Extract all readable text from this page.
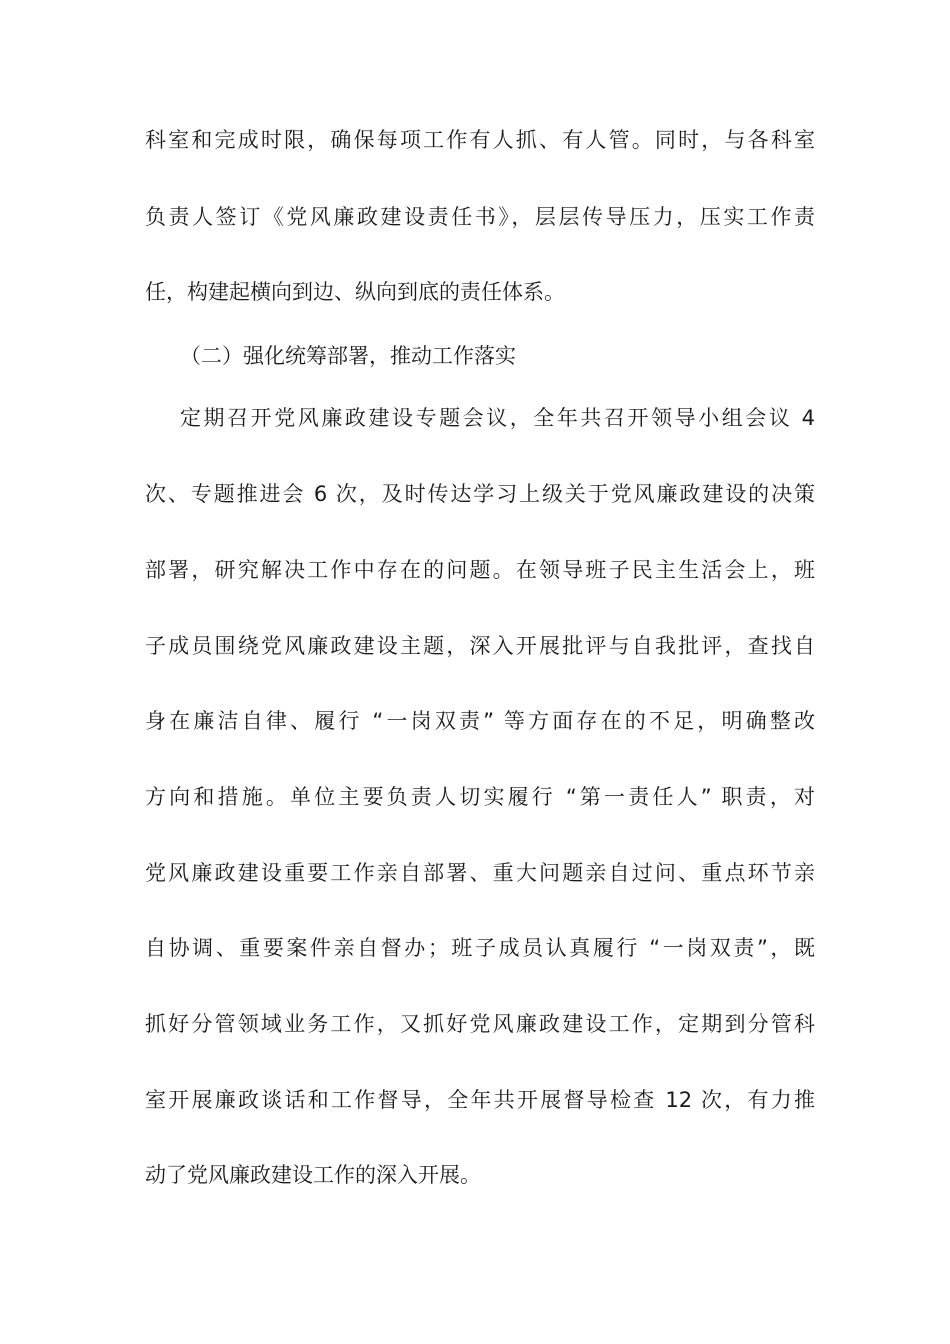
科室和完成时限，确保每项工作有人抓、有人管。同时，与各科室
负责人签订《党风廉政建设责任书》，层层传导压力，压实工作责
任，构建起横向到边、纵向到底的责任体系。
（二）强化统筹部署，推动工作落实
定期召开党风廉政建设专题会议，全年共召开领导小组会议 4
次、专题推进会 6 次，及时传达学习上级关于党风廉政建设的决策
部署，研究解决工作中存在的问题。在领导班子民主生活会上，班
子成员围绕党风廉政建设主题，深入开展批评与自我批评，查找自
身在廉洁自律、履行 “一岗双责” 等方面存在的不足，明确整改
方向和措施。单位主要负责人切实履行 “第一责任人” 职责，对
党风廉政建设重要工作亲自部署、重大问题亲自过问、重点环节亲
自协调、重要案件亲自督办；班子成员认真履行 “一岗双责”，既
抓好分管领域业务工作，又抓好党风廉政建设工作，定期到分管科
室开展廉政谈话和工作督导，全年共开展督导检查 12 次，有力推
动了党风廉政建设工作的深入开展。
